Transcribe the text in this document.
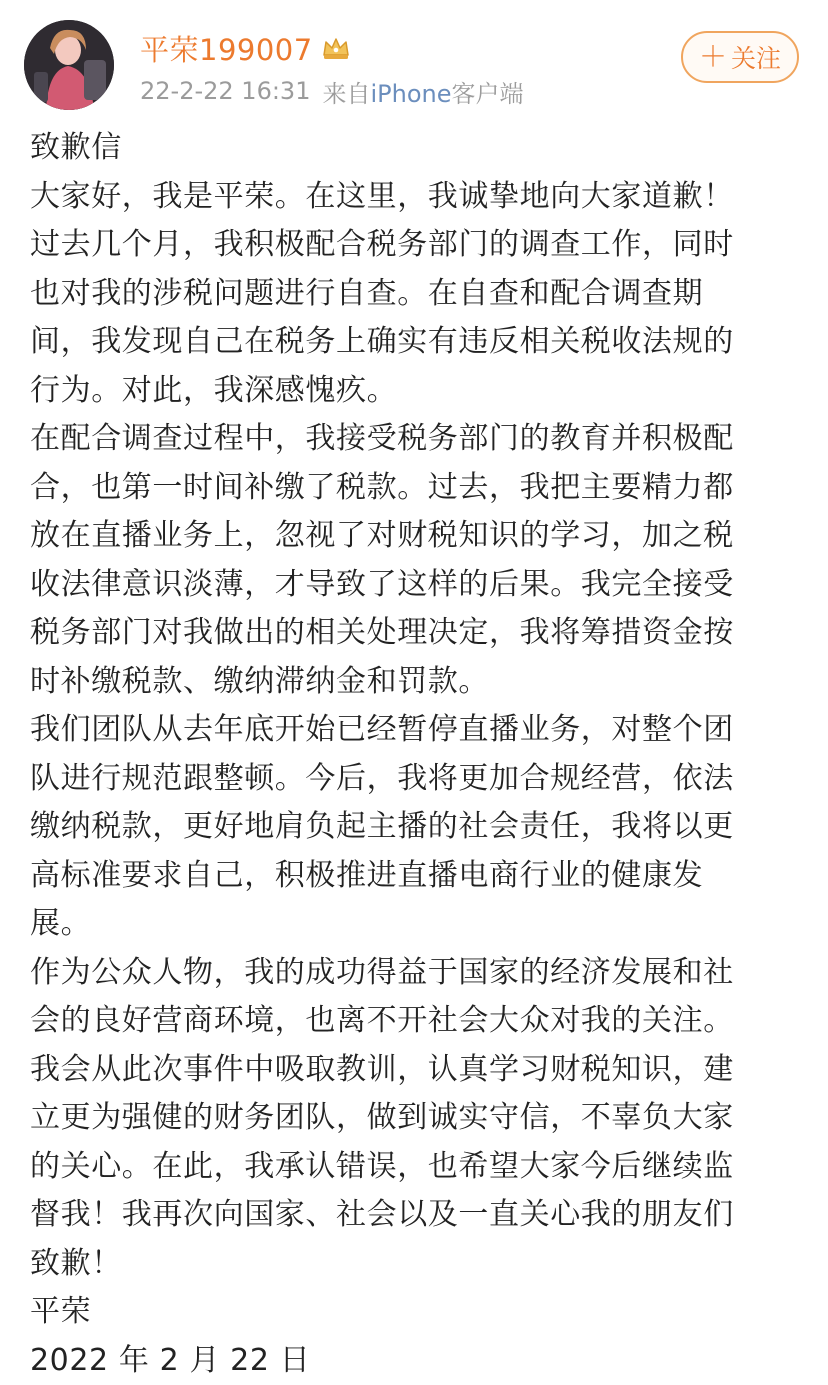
平荣199007
22-2-22 16:31 来自iPhone客户端
＋ 关注
致歉信
大家好，我是平荣。在这里，我诚挚地向大家道歉！
过去几个月，我积极配合税务部门的调查工作，同时
也对我的涉税问题进行自查。在自查和配合调查期
间，我发现自己在税务上确实有违反相关税收法规的
行为。对此，我深感愧疚。
在配合调查过程中，我接受税务部门的教育并积极配
合，也第一时间补缴了税款。过去，我把主要精力都
放在直播业务上，忽视了对财税知识的学习，加之税
收法律意识淡薄，才导致了这样的后果。我完全接受
税务部门对我做出的相关处理决定，我将筹措资金按
时补缴税款、缴纳滞纳金和罚款。
我们团队从去年底开始已经暂停直播业务，对整个团
队进行规范跟整顿。今后，我将更加合规经营，依法
缴纳税款，更好地肩负起主播的社会责任，我将以更
高标准要求自己，积极推进直播电商行业的健康发
展。
作为公众人物，我的成功得益于国家的经济发展和社
会的良好营商环境，也离不开社会大众对我的关注。
我会从此次事件中吸取教训，认真学习财税知识，建
立更为强健的财务团队，做到诚实守信，不辜负大家
的关心。在此，我承认错误，也希望大家今后继续监
督我！我再次向国家、社会以及一直关心我的朋友们
致歉！
平荣
2022 年 2 月 22 日
